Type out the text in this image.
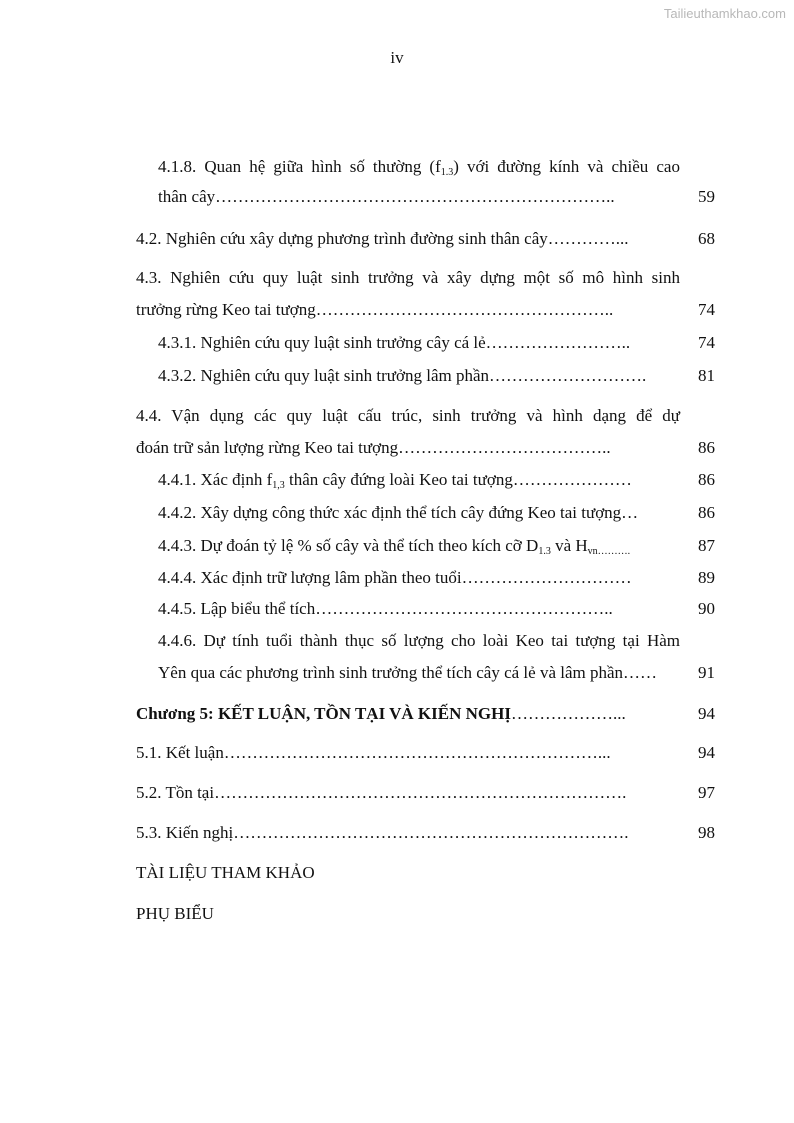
Tailieuthamkhao.com
iv
4.1.8. Quan hệ giữa hình số thường $(f_{1.3})$ với đường kính và chiều cao
thân cây……………………………………………………………..	59
4.2. Nghiên cứu xây dựng phương trình đường sinh thân cây…………...	68
4.3. Nghiên cứu quy luật sinh trưởng và xây dựng một số mô hình sinh
trưởng rừng Keo tai tượng……………………………………………..	74
4.3.1. Nghiên cứu quy luật sinh trưởng cây cá lẻ……………………..	74
4.3.2. Nghiên cứu quy luật sinh trưởng lâm phần……………………….	81
4.4. Vận dụng các quy luật cấu trúc, sinh trưởng và hình dạng để dự
đoán trữ sản lượng rừng Keo tai tượng………………………………..	86
4.4.1. Xác định $f_{1,3}$ thân cây đứng loài Keo tai tượng…………………	86
4.4.2. Xây dựng công thức xác định thể tích cây đứng Keo tai tượng…	86
4.4.3. Dự đoán tỷ lệ % số cây và thể tích theo kích cỡ $D_{1.3}$ và $H_{vn\dots\dots\dots.}$	87
4.4.4. Xác định trữ lượng lâm phần theo tuổi…………………………	89
4.4.5. Lập biểu thể tích……………………………………………..	90
4.4.6. Dự tính tuổi thành thục số lượng cho loài Keo tai tượng tại Hàm
Yên qua các phương trình sinh trưởng thể tích cây cá lẻ và lâm phần……	91
Chương 5: KẾT LUẬN, TỒN TẠI VÀ KIẾN NGHỊ………………...	94
5.1. Kết luận…………………………………………………………...	94
5.2. Tồn tại……………………………………………………………….	97
5.3. Kiến nghị…………………………………………………………….	98
TÀI LIỆU THAM KHẢO
PHỤ BIỂU
